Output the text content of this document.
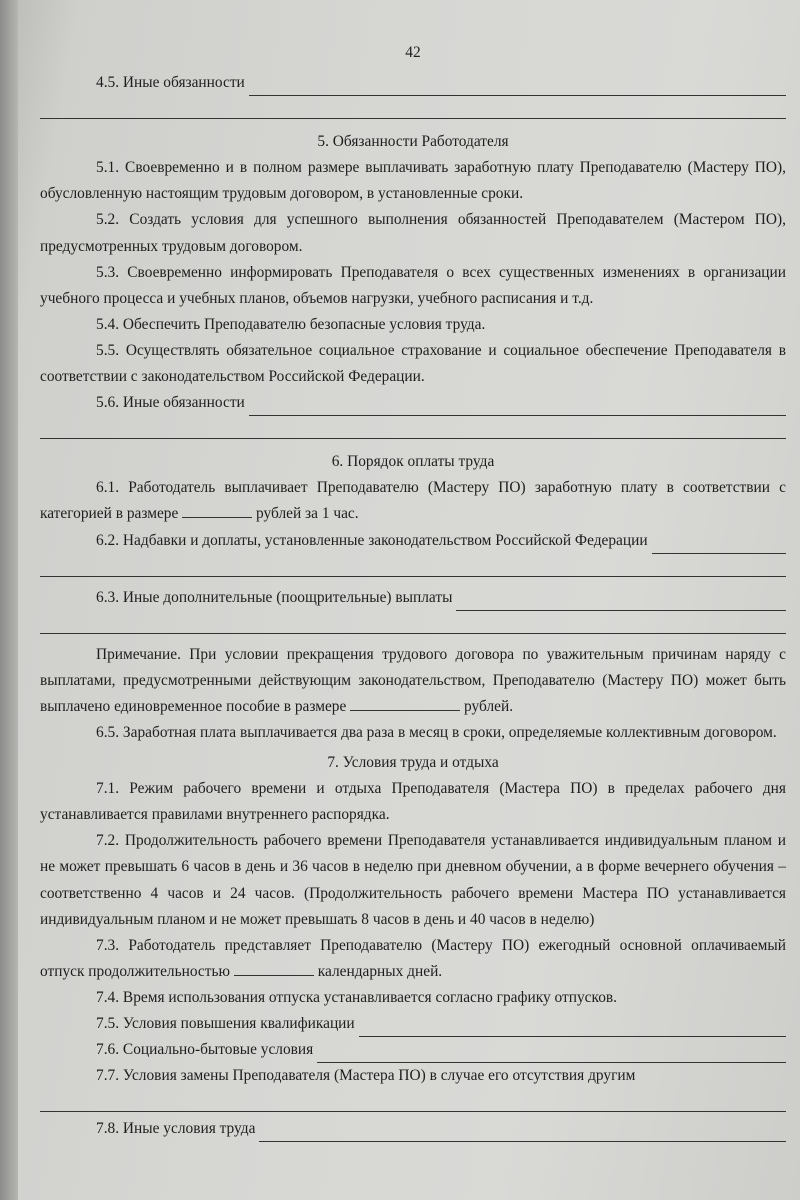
42
4.5. Иные обязанности

5. Обязанности Работодателя

5.1. Своевременно и в полном размере выплачивать заработную плату Преподавателю (Мастеру ПО), обусловленную настоящим трудовым договором, в установленные сроки.

5.2. Создать условия для успешного выполнения обязанностей Преподавателем (Мастером ПО), предусмотренных трудовым договором.

5.3. Своевременно информировать Преподавателя о всех существенных изменениях в организации учебного процесса и учебных планов, объемов нагрузки, учебного расписания и т.д.

5.4. Обеспечить Преподавателю безопасные условия труда.

5.5. Осуществлять обязательное социальное страхование и социальное обеспечение Преподавателя в соответствии с законодательством Российской Федерации.

5.6. Иные обязанности

6. Порядок оплаты труда

6.1. Работодатель выплачивает Преподавателю (Мастеру ПО) заработную плату в соответствии с категорией в размере	рублей за 1 час.

6.2. Надбавки и доплаты, установленные законодательством Российской Федерации
6.3. Иные дополнительные (поощрительные) выплаты

Примечание. При условии прекращения трудового договора по уважительным причинам наряду с выплатами, предусмотренными действующим законодательством, Преподавателю (Мастеру ПО) может быть выплачено единовременное пособие в размере	рублей.

6.5. Заработная плата выплачивается два раза в месяц в сроки, определяемые коллективным договором.

7. Условия труда и отдыха

7.1. Режим рабочего времени и отдыха Преподавателя (Мастера ПО) в пределах рабочего дня устанавливается правилами внутреннего распорядка.

7.2. Продолжительность рабочего времени Преподавателя устанавливается индивидуальным планом и не может превышать 6 часов в день и 36 часов в неделю при дневном обучении, а в форме вечернего обучения – соответственно 4 часов и 24 часов. (Продолжительность рабочего времени Мастера ПО устанавливается индивидуальным планом и не может превышать 8 часов в день и 40 часов в неделю)

7.3. Работодатель представляет Преподавателю (Мастеру ПО) ежегодный основной оплачиваемый отпуск продолжительностью	календарных дней.

7.4. Время использования отпуска устанавливается согласно графику отпусков.

7.5. Условия повышения квалификации
7.6. Социально-бытовые условия

7.7. Условия замены Преподавателя (Мастера ПО) в случае его отсутствия другим

7.8. Иные условия труда
